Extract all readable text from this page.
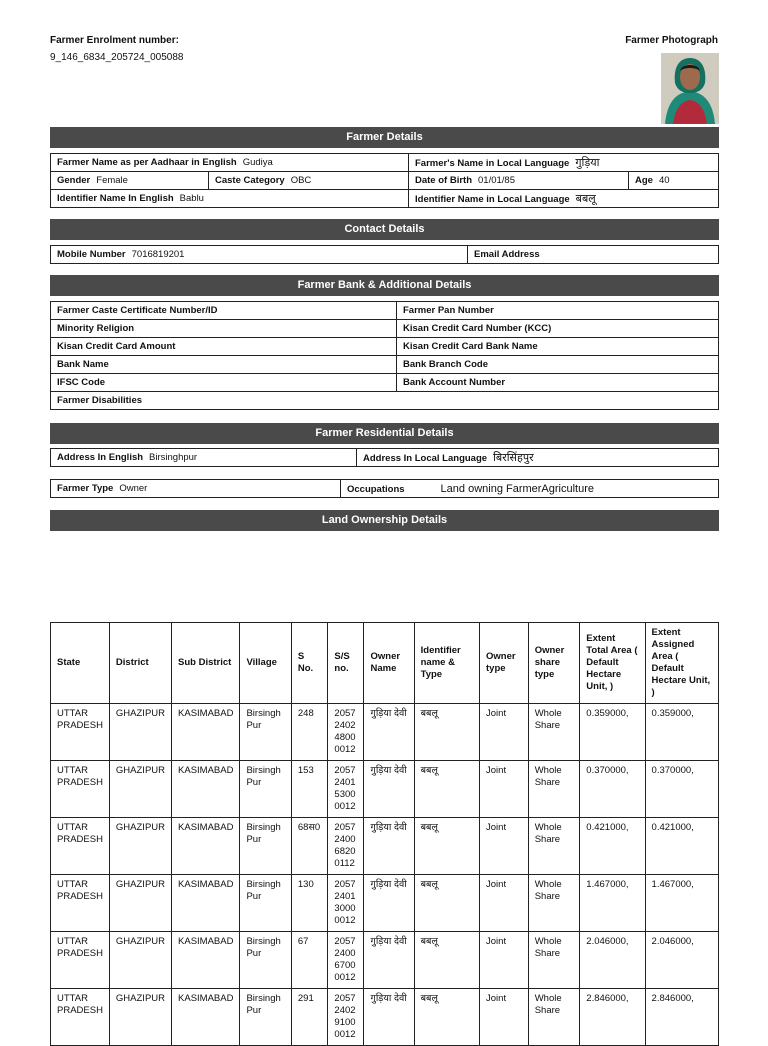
Farmer Enrolment number:
9_146_6834_205724_005088
Farmer Photograph
Farmer Details
Farmer Name as per Aadhaar in English Gudiya		Farmer's Name in Local Language गुड़िया	
Gender Female	Caste Category OBC	Date of Birth 01/01/85	Age 40
Identifier Name In English Bablu		Identifier Name in Local Language बबलू	
Contact Details
Mobile Number 7016819201	Email Address
Farmer Bank & Additional Details
Farmer Caste Certificate Number/ID	Farmer Pan Number
Minority Religion	Kisan Credit Card Number (KCC)
Kisan Credit Card Amount	Kisan Credit Card Bank Name
Bank Name	Bank Branch Code
IFSC Code	Bank Account Number
Farmer Disabilities	
Farmer Residential Details
Address In English Birsinghpur	Address In Local Language बिरसिंहपुर
Farmer Type Owner	Occupations	Land owning FarmerAgriculture
Land Ownership Details
State	District	Sub District	Village	S No.	S/S no.	Owner Name	Identifier name & Type	Owner type	Owner share type	Extent Total Area ( Default Hectare Unit, )	Extent Assigned Area ( Default Hectare Unit, )
UTTAR PRADESH	GHAZIPUR	KASIMABAD	Birsingh Pur	248	2057240248000012	गुड़िया देवी	बबलू	Joint	Whole Share	0.359000,	0.359000,
UTTAR PRADESH	GHAZIPUR	KASIMABAD	Birsingh Pur	153	2057240153000012	गुड़िया देवी	बबलू	Joint	Whole Share	0.370000,	0.370000,
UTTAR PRADESH	GHAZIPUR	KASIMABAD	Birsingh Pur	68स0	2057240068200112	गुड़िया देवी	बबलू	Joint	Whole Share	0.421000,	0.421000,
UTTAR PRADESH	GHAZIPUR	KASIMABAD	Birsingh Pur	130	2057240130000012	गुड़िया देवी	बबलू	Joint	Whole Share	1.467000,	1.467000,
UTTAR PRADESH	GHAZIPUR	KASIMABAD	Birsingh Pur	67	2057240067000012	गुड़िया देवी	बबलू	Joint	Whole Share	2.046000,	2.046000,
UTTAR PRADESH	GHAZIPUR	KASIMABAD	Birsingh Pur	291	2057240291000012	गुड़िया देवी	बबलू	Joint	Whole Share	2.846000,	2.846000,
